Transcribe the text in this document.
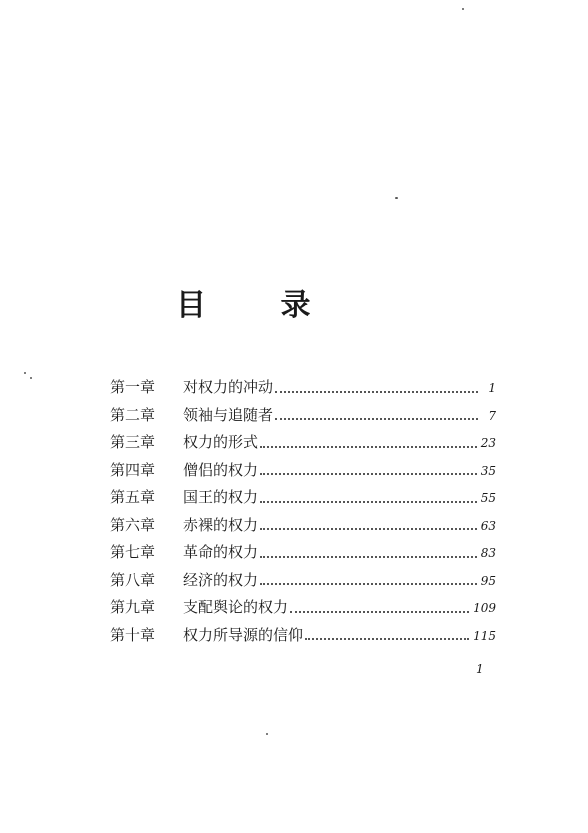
目 录
第一章	对权力的冲动	1
第二章	领袖与追随者	7
第三章	权力的形式	23
第四章	僧侣的权力	35
第五章	国王的权力	55
第六章	赤裸的权力	63
第七章	革命的权力	83
第八章	经济的权力	95
第九章	支配舆论的权力	109
第十章	权力所导源的信仰	115
1
